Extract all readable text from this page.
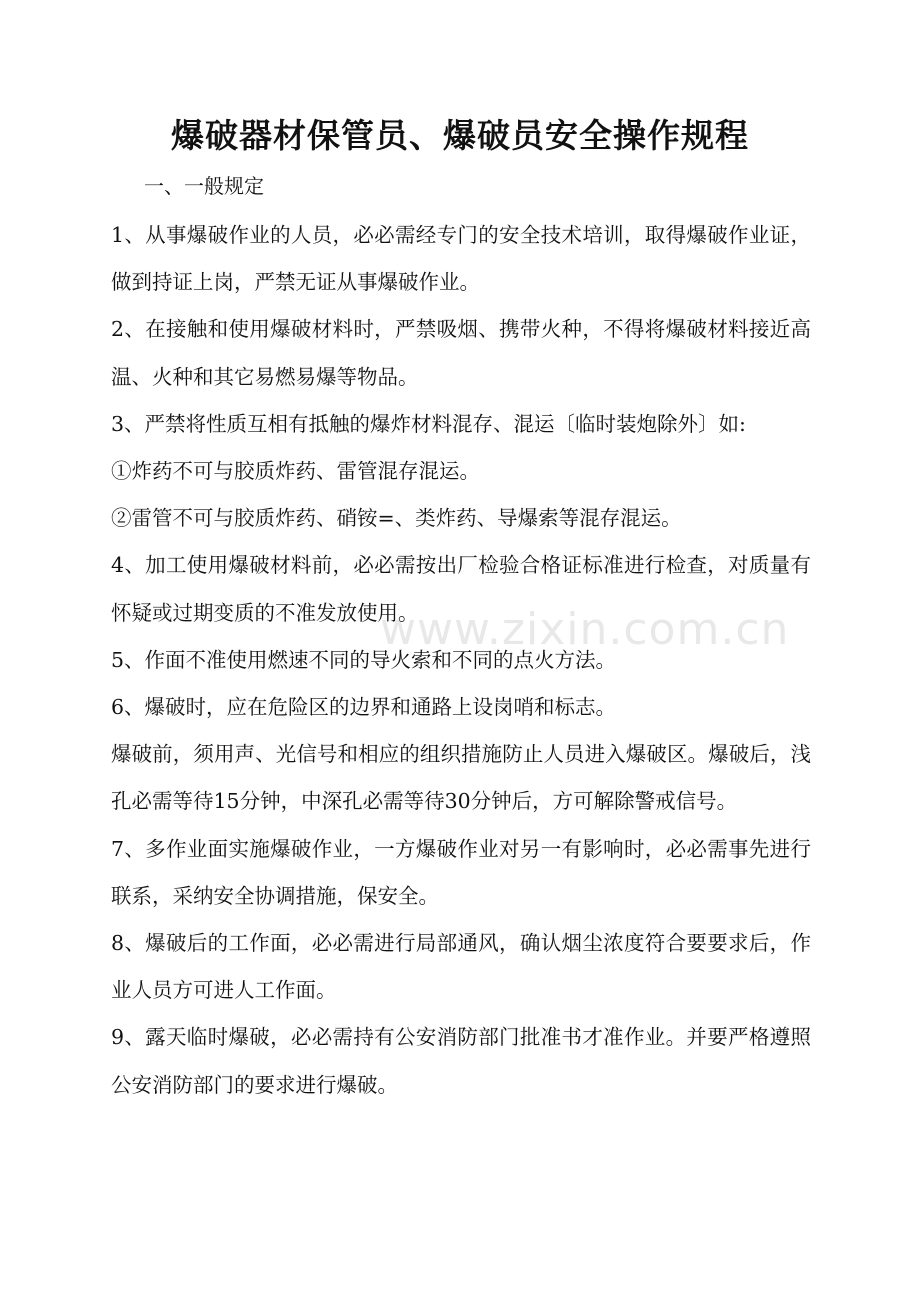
爆破器材保管员、爆破员安全操作规程
一、一般规定

1、从事爆破作业的人员，必必需经专门的安全技术培训，取得爆破作业证，做到持证上岗，严禁无证从事爆破作业。

2、在接触和使用爆破材料时，严禁吸烟、携带火种，不得将爆破材料接近高温、火种和其它易燃易爆等物品。

3、严禁将性质互相有抵触的爆炸材料混存、混运〔临时装炮除外〕如:

①炸药不可与胶质炸药、雷管混存混运。

②雷管不可与胶质炸药、硝铵=、类炸药、导爆索等混存混运。

4、加工使用爆破材料前，必必需按出厂检验合格证标准进行检查，对质量有怀疑或过期变质的不准发放使用。

5、作面不准使用燃速不同的导火索和不同的点火方法。

6、爆破时，应在危险区的边界和通路上设岗哨和标志。

爆破前，须用声、光信号和相应的组织措施防止人员进入爆破区。爆破后，浅孔必需等待15分钟，中深孔必需等待30分钟后，方可解除警戒信号。

7、多作业面实施爆破作业，一方爆破作业对另一有影响时，必必需事先进行联系，采纳安全协调措施，保安全。

8、爆破后的工作面，必必需进行局部通风，确认烟尘浓度符合要要求后，作业人员方可进人工作面。

9、露天临时爆破，必必需持有公安消防部门批准书才准作业。并要严格遵照公安消防部门的要求进行爆破。

www.zixin.com.cn
